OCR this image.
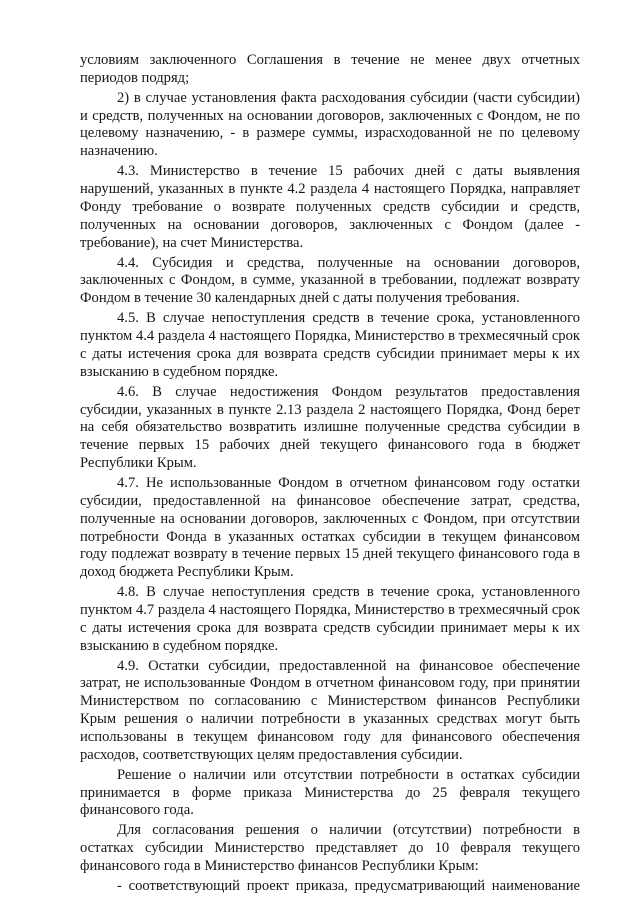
условиям заключенного Соглашения в течение не менее двух отчетных периодов подряд;

2) в случае установления факта расходования субсидии (части субсидии) и средств, полученных на основании договоров, заключенных с Фондом, не по целевому назначению, - в размере суммы, израсходованной не по целевому назначению.

4.3. Министерство в течение 15 рабочих дней с даты выявления нарушений, указанных в пункте 4.2 раздела 4 настоящего Порядка, направляет Фонду требование о возврате полученных средств субсидии и средств, полученных на основании договоров, заключенных с Фондом (далее - требование), на счет Министерства.

4.4. Субсидия и средства, полученные на основании договоров, заключенных с Фондом, в сумме, указанной в требовании, подлежат возврату Фондом в течение 30 календарных дней с даты получения требования.

4.5. В случае непоступления средств в течение срока, установленного пунктом 4.4 раздела 4 настоящего Порядка, Министерство в трехмесячный срок с даты истечения срока для возврата средств субсидии принимает меры к их взысканию в судебном порядке.

4.6. В случае недостижения Фондом результатов предоставления субсидии, указанных в пункте 2.13 раздела 2 настоящего Порядка, Фонд берет на себя обязательство возвратить излишне полученные средства субсидии в течение первых 15 рабочих дней текущего финансового года в бюджет Республики Крым.

4.7. Не использованные Фондом в отчетном финансовом году остатки субсидии, предоставленной на финансовое обеспечение затрат, средства, полученные на основании договоров, заключенных с Фондом, при отсутствии потребности Фонда в указанных остатках субсидии в текущем финансовом году подлежат возврату в течение первых 15 дней текущего финансового года в доход бюджета Республики Крым.

4.8. В случае непоступления средств в течение срока, установленного пунктом 4.7 раздела 4 настоящего Порядка, Министерство в трехмесячный срок с даты истечения срока для возврата средств субсидии принимает меры к их взысканию в судебном порядке.

4.9. Остатки субсидии, предоставленной на финансовое обеспечение затрат, не использованные Фондом в отчетном финансовом году, при принятии Министерством по согласованию с Министерством финансов Республики Крым решения о наличии потребности в указанных средствах могут быть использованы в текущем финансовом году для финансового обеспечения расходов, соответствующих целям предоставления субсидии.

Решение о наличии или отсутствии потребности в остатках субсидии принимается в форме приказа Министерства до 25 февраля текущего финансового года.

Для согласования решения о наличии (отсутствии) потребности в остатках субсидии Министерство представляет до 10 февраля текущего финансового года в Министерство финансов Республики Крым:

- соответствующий проект приказа, предусматривающий наименование
